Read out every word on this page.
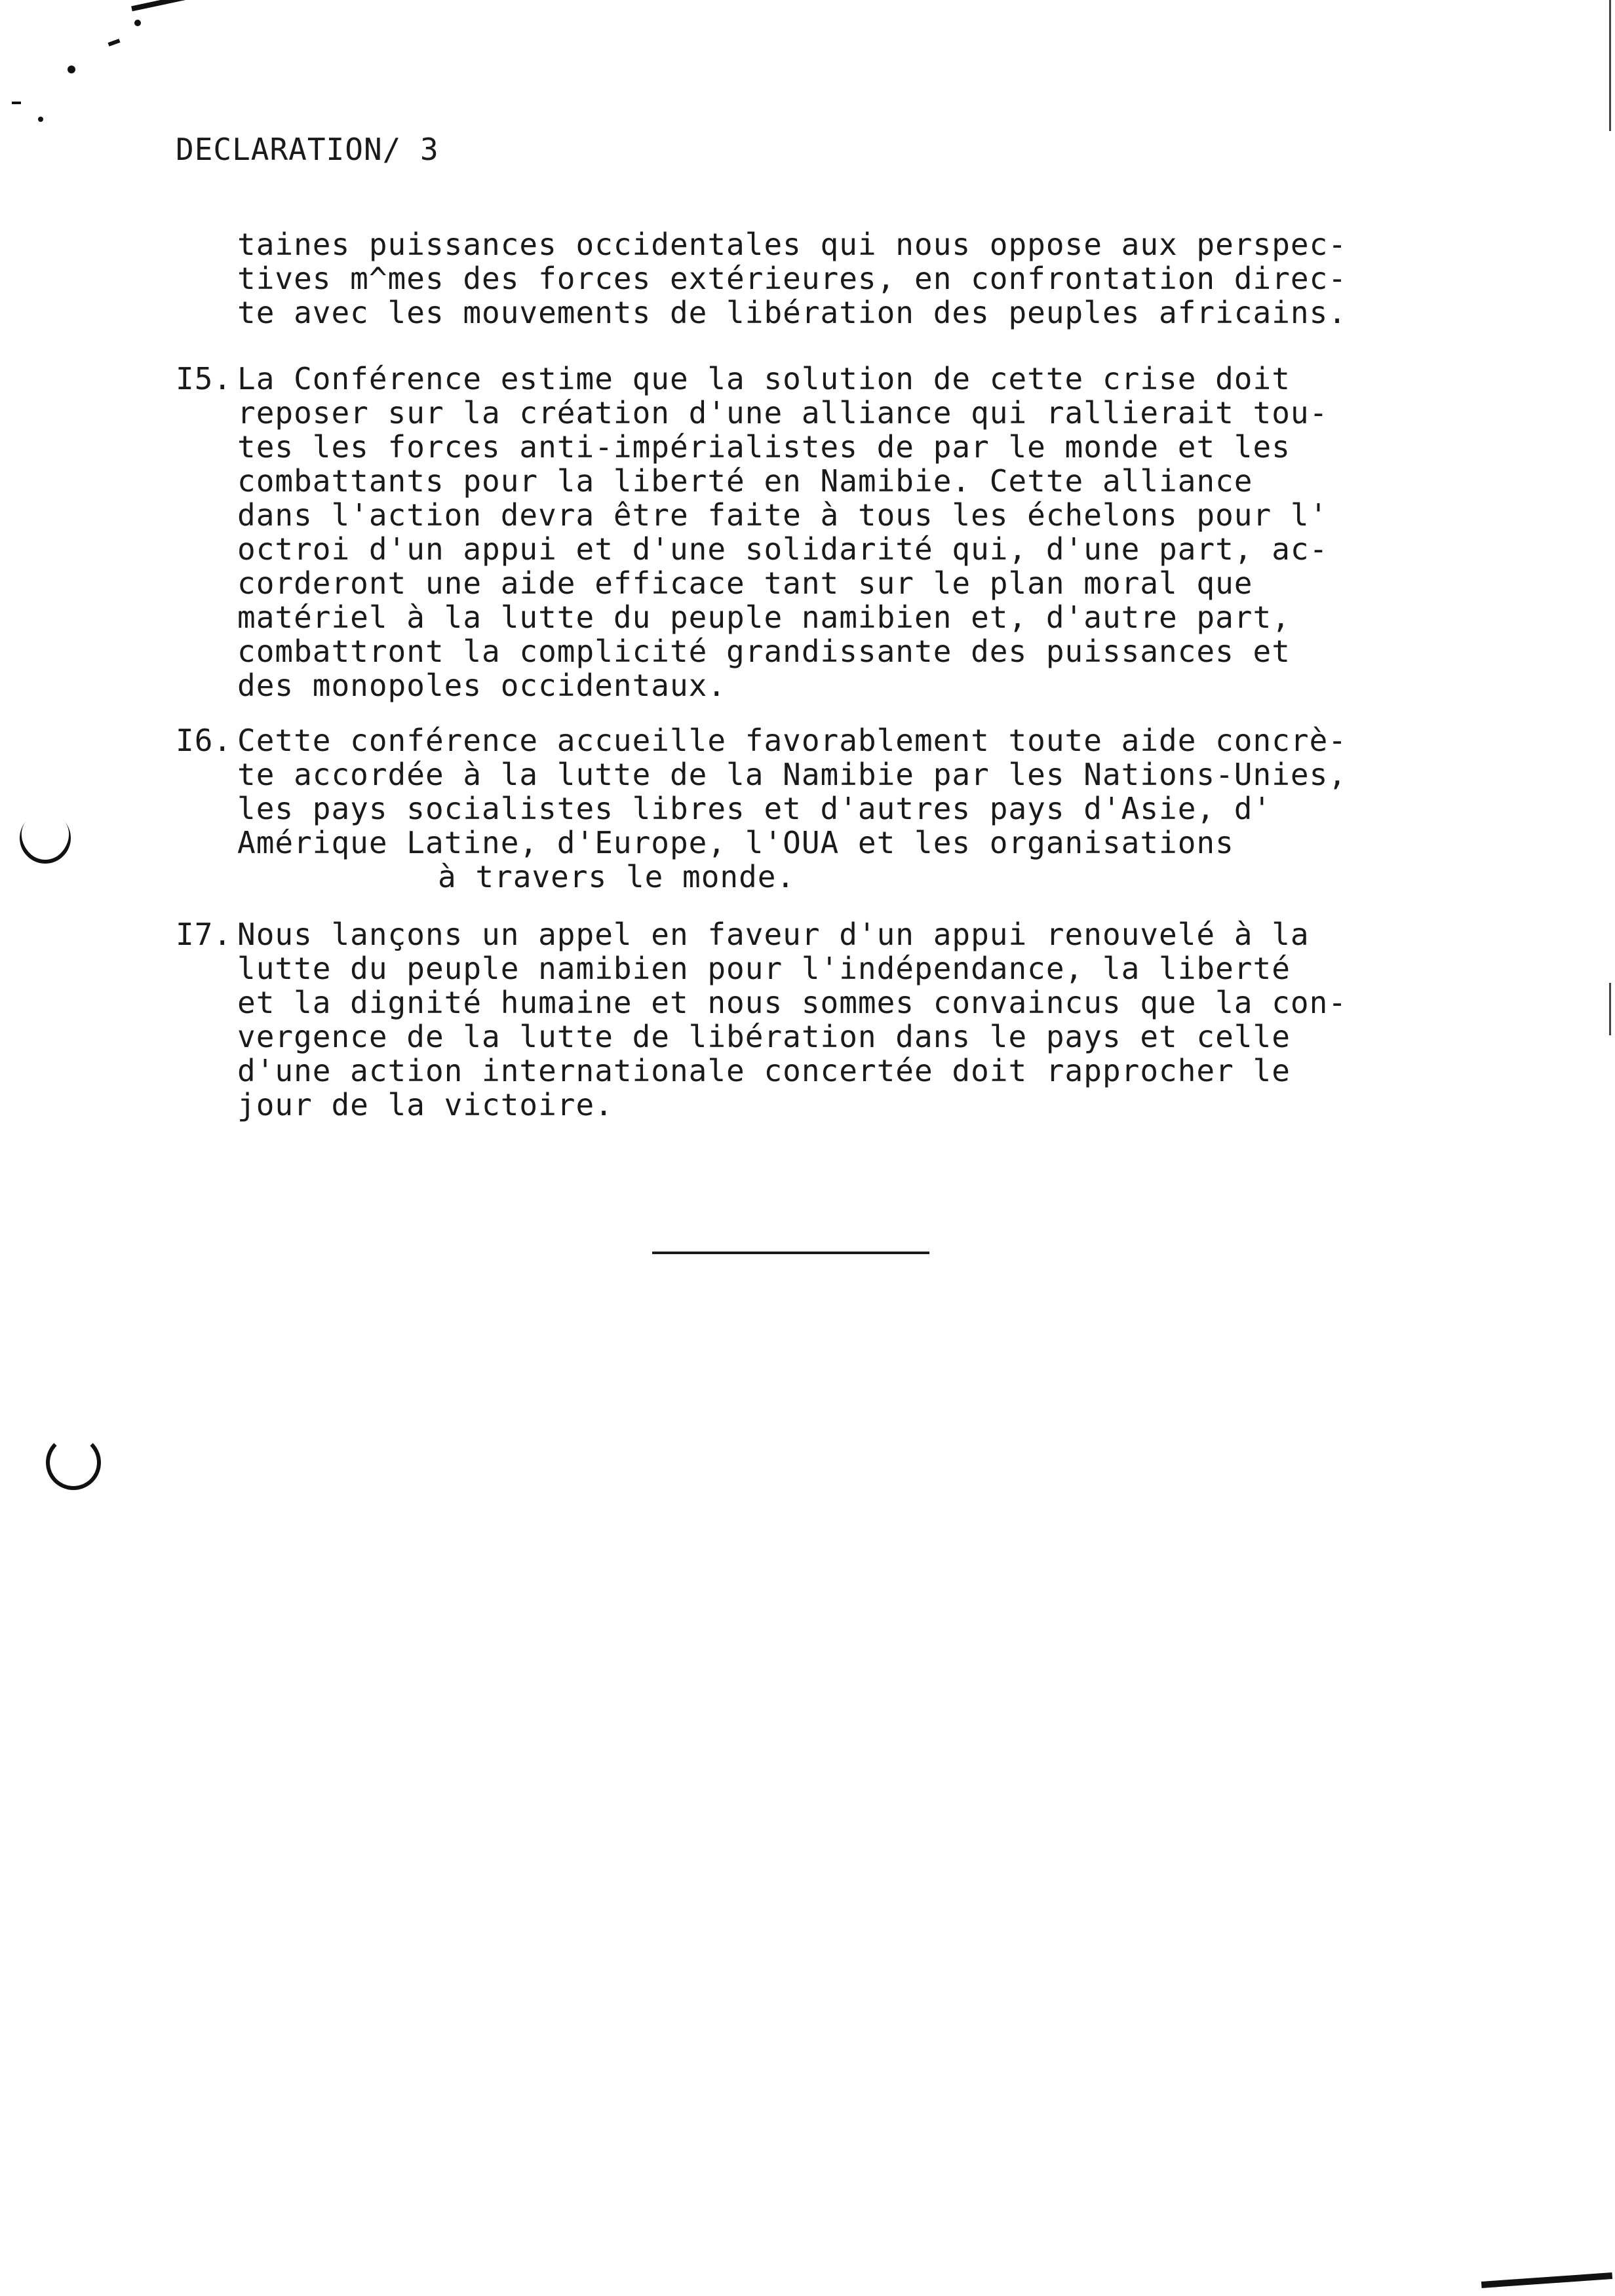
DECLARATION/ 3
taines puissances occidentales qui nous oppose aux perspec-
tives m^mes des forces extérieures, en confrontation direc-
te avec les mouvements de libération des peuples africains.
I5. La Conférence estime que la solution de cette crise doit
reposer sur la création d'une alliance qui rallierait tou-
tes les forces anti-impérialistes de par le monde et les
combattants pour la liberté en Namibie. Cette alliance
dans l'action devra être faite à tous les échelons pour l'
octroi d'un appui et d'une solidarité qui, d'une part, ac-
corderont une aide efficace tant sur le plan moral que
matériel à la lutte du peuple namibien et, d'autre part,
combattront la complicité grandissante des puissances et
des monopoles occidentaux.
I6. Cette conférence accueille favorablement toute aide concrè-
te accordée à la lutte de la Namibie par les Nations-Unies,
les pays socialistes libres et d'autres pays d'Asie, d'
Amérique Latine, d'Europe, l'OUA et les organisations
à travers le monde.
I7. Nous lançons un appel en faveur d'un appui renouvelé à la
lutte du peuple namibien pour l'indépendance, la liberté
et la dignité humaine et nous sommes convaincus que la con-
vergence de la lutte de libération dans le pays et celle
d'une action internationale concertée doit rapprocher le
jour de la victoire.
